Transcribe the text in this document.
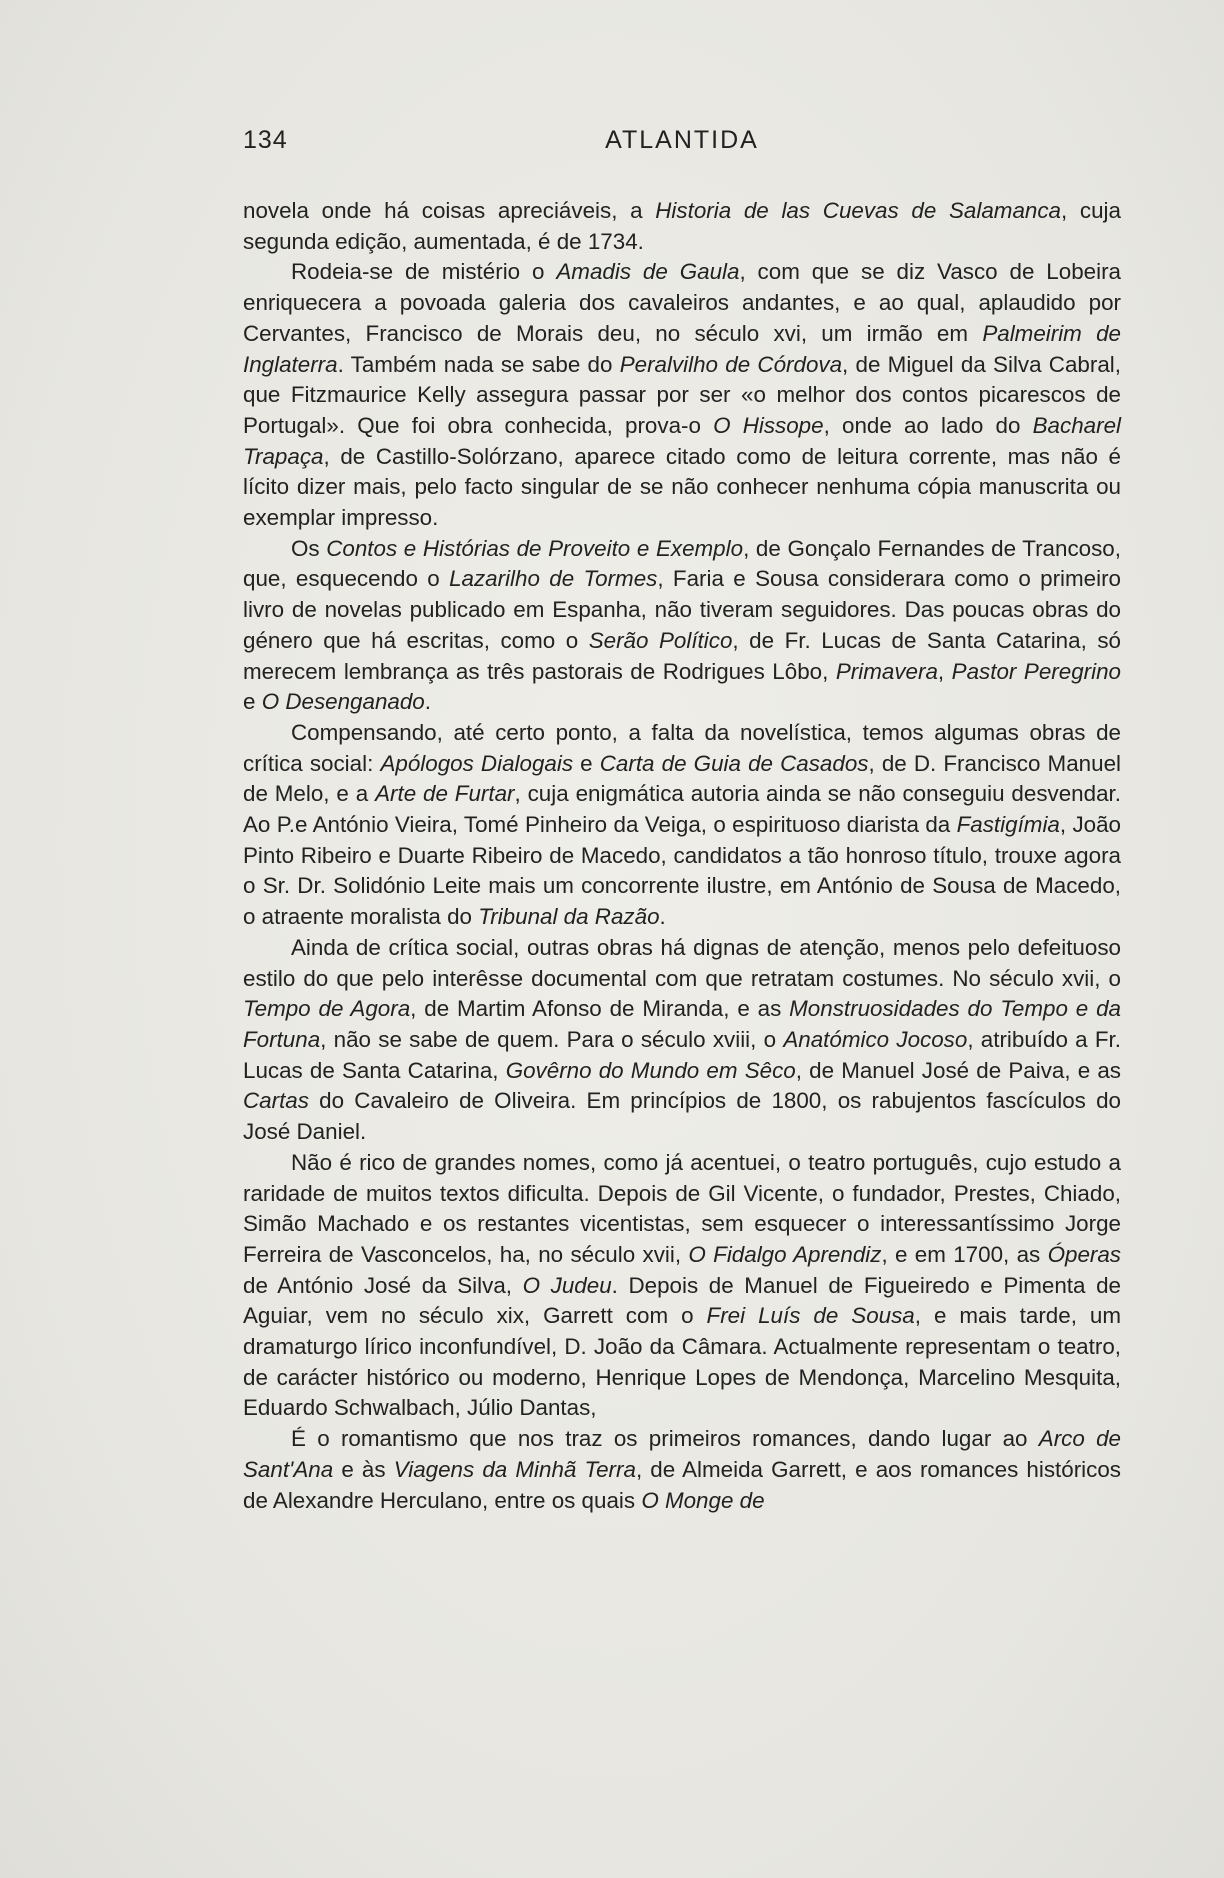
134	ATLANTIDA

novela onde há coisas apreciáveis, a Historia de las Cuevas de Salamanca, cuja segunda edição, aumentada, é de 1734.

Rodeia-se de mistério o Amadis de Gaula, com que se diz Vasco de Lobeira enriquecera a povoada galeria dos cavaleiros andantes, e ao qual, aplaudido por Cervantes, Francisco de Morais deu, no século xvi, um irmão em Palmeirim de Inglaterra. Também nada se sabe do Peralvilho de Córdova, de Miguel da Silva Cabral, que Fitzmaurice Kelly assegura passar por ser «o melhor dos contos picarescos de Portugal». Que foi obra conhecida, prova-o O Hissope, onde ao lado do Bacharel Trapaça, de Castillo-Solórzano, aparece citado como de leitura corrente, mas não é lícito dizer mais, pelo facto singular de se não conhecer nenhuma cópia manuscrita ou exemplar impresso.

Os Contos e Histórias de Proveito e Exemplo, de Gonçalo Fernandes de Trancoso, que, esquecendo o Lazarilho de Tormes, Faria e Sousa considerara como o primeiro livro de novelas publicado em Espanha, não tiveram seguidores. Das poucas obras do género que há escritas, como o Serão Político, de Fr. Lucas de Santa Catarina, só merecem lembrança as três pastorais de Rodrigues Lôbo, Primavera, Pastor Peregrino e O Desenganado.

Compensando, até certo ponto, a falta da novelística, temos algumas obras de crítica social: Apólogos Dialogais e Carta de Guia de Casados, de D. Francisco Manuel de Melo, e a Arte de Furtar, cuja enigmática autoria ainda se não conseguiu desvendar. Ao P.e António Vieira, Tomé Pinheiro da Veiga, o espirituoso diarista da Fastigímia, João Pinto Ribeiro e Duarte Ribeiro de Macedo, candidatos a tão honroso título, trouxe agora o Sr. Dr. Solidónio Leite mais um concorrente ilustre, em António de Sousa de Macedo, o atraente moralista do Tribunal da Razão.

Ainda de crítica social, outras obras há dignas de atenção, menos pelo defeituoso estilo do que pelo interêsse documental com que retratam costumes. No século xvii, o Tempo de Agora, de Martim Afonso de Miranda, e as Monstruosidades do Tempo e da Fortuna, não se sabe de quem. Para o século xviii, o Anatómico Jocoso, atribuído a Fr. Lucas de Santa Catarina, Govêrno do Mundo em Sêco, de Manuel José de Paiva, e as Cartas do Cavaleiro de Oliveira. Em princípios de 1800, os rabujentos fascículos do José Daniel.

Não é rico de grandes nomes, como já acentuei, o teatro português, cujo estudo a raridade de muitos textos dificulta. Depois de Gil Vicente, o fundador, Prestes, Chiado, Simão Machado e os restantes vicentistas, sem esquecer o interessantíssimo Jorge Ferreira de Vasconcelos, ha, no século xvii, O Fidalgo Aprendiz, e em 1700, as Óperas de António José da Silva, O Judeu. Depois de Manuel de Figueiredo e Pimenta de Aguiar, vem no século xix, Garrett com o Frei Luís de Sousa, e mais tarde, um dramaturgo lírico inconfundível, D. João da Câmara. Actualmente representam o teatro, de carácter histórico ou moderno, Henrique Lopes de Mendonça, Marcelino Mesquita, Eduardo Schwalbach, Júlio Dantas,

É o romantismo que nos traz os primeiros romances, dando lugar ao Arco de Sant'Ana e às Viagens da Minhã Terra, de Almeida Garrett, e aos romances históricos de Alexandre Herculano, entre os quais O Monge de
